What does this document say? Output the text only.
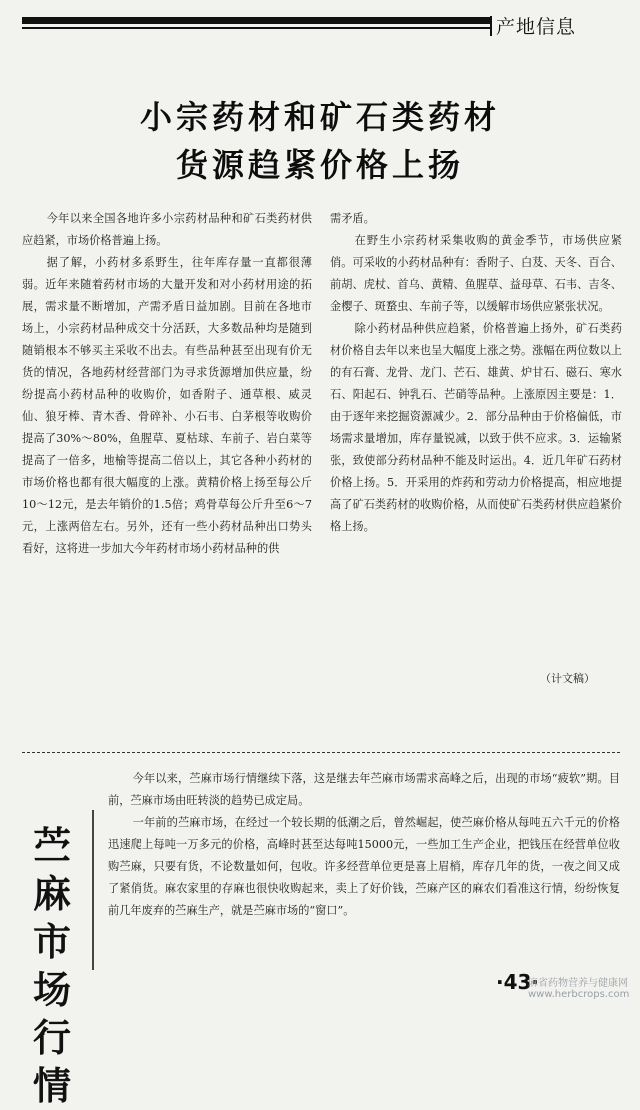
产地信息
小宗药材和矿石类药材
货源趋紧价格上扬

今年以来全国各地许多小宗药材品种和矿石类药材供应趋紧，市场价格普遍上扬。

据了解，小药材多系野生，往年库存量一直都很薄弱。近年来随着药材市场的大量开发和对小药材用途的拓展，需求量不断增加，产需矛盾日益加剧。目前在各地市场上，小宗药材品种成交十分活跃，大多数品种均是随到随销根本不够买主采收不出去。有些品种甚至出现有价无货的情况，各地药材经营部门为寻求货源增加供应量，纷纷提高小药材品种的收购价，如香附子、通草根、威灵仙、狼牙棒、青木香、骨碎补、小石韦、白茅根等收购价提高了30%～80%，鱼腥草、夏枯球、车前子、岩白菜等提高了一倍多，地榆等提高二倍以上，其它各种小药材的市场价格也都有很大幅度的上涨。黄精价格上扬至每公斤10～12元，是去年销价的1.5倍；鸡骨草每公斤升至6～7元，上涨两倍左右。另外，还有一些小药材品种出口势头看好，这将进一步加大今年药材市场小药材品种的供

需矛盾。

在野生小宗药材采集收购的黄金季节，市场供应紧俏。可采收的小药材品种有：香附子、白芨、天冬、百合、前胡、虎杖、首乌、黄精、鱼腥草、益母草、石韦、吉冬、金樱子、斑蝥虫、车前子等，以缓解市场供应紧张状况。

除小药材品种供应趋紧，价格普遍上扬外，矿石类药材价格自去年以来也呈大幅度上涨之势。涨幅在两位数以上的有石膏、龙骨、龙门、芒石、雄黄、炉甘石、磁石、寒水石、阳起石、钟乳石、芒硝等品种。上涨原因主要是：1．由于逐年来挖掘资源减少。2．部分品种由于价格偏低，市场需求量增加，库存量锐减，以致于供不应求。3．运输紧张，致使部分药材品种不能及时运出。4．近几年矿石药材价格上扬。5．开采用的炸药和劳动力价格提高，相应地提高了矿石类药材的收购价格，从而使矿石类药材供应趋紧价格上扬。

（计文稿）
苎
麻
市
场
行
情

今年以来，苎麻市场行情继续下落，这是继去年苎麻市场需求高峰之后，出现的市场“疲软”期。目前，苎麻市场由旺转淡的趋势已成定局。

一年前的苎麻市场，在经过一个较长期的低潮之后，曾然崛起，使苎麻价格从每吨五六千元的价格迅速爬上每吨一万多元的价格，高峰时甚至达每吨15000元，一些加工生产企业，把钱压在经营单位收购苎麻，只要有货，不论数量如何，包收。许多经营单位更是喜上眉梢，库存几年的货，一夜之间又成了紧俏货。麻农家里的存麻也很快收购起来，卖上了好价钱，苎麻产区的麻农们看准这行情，纷纷恢复前几年废弃的苎麻生产，就是苎麻市场的“窗口”。

·43·
麻省药物营养与健康网
www.herbcrops.com
